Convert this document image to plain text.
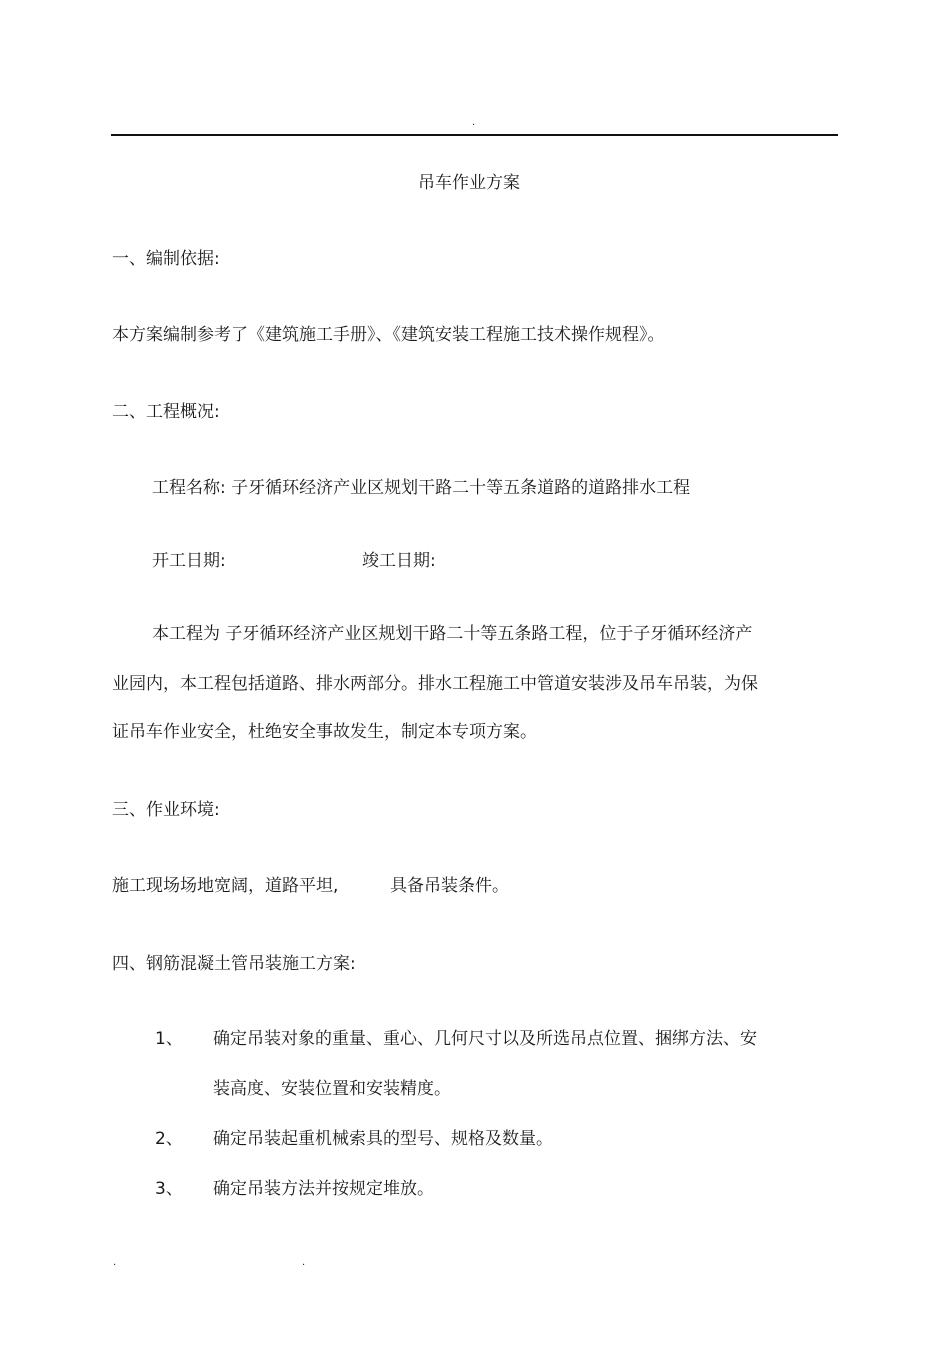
.
吊车作业方案
一、编制依据:
本方案编制参考了《建筑施工手册》、《建筑安装工程施工技术操作规程》。
二、工程概况:
工程名称: 子牙循环经济产业区规划干路二十等五条道路的道路排水工程
开工日期:	竣工日期:
本工程为 子牙循环经济产业区规划干路二十等五条路工程，位于子牙循环经济产
业园内，本工程包括道路、排水两部分。排水工程施工中管道安装涉及吊车吊装，为保
证吊车作业安全，杜绝安全事故发生，制定本专项方案。
三、作业环境:
施工现场场地宽阔，道路平坦,	具备吊装条件。
四、钢筋混凝土管吊装施工方案:
1、 确定吊装对象的重量、重心、几何尺寸以及所选吊点位置、捆绑方法、安
装高度、安装位置和安装精度。
2、 确定吊装起重机械索具的型号、规格及数量。
3、 确定吊装方法并按规定堆放。
.	.
